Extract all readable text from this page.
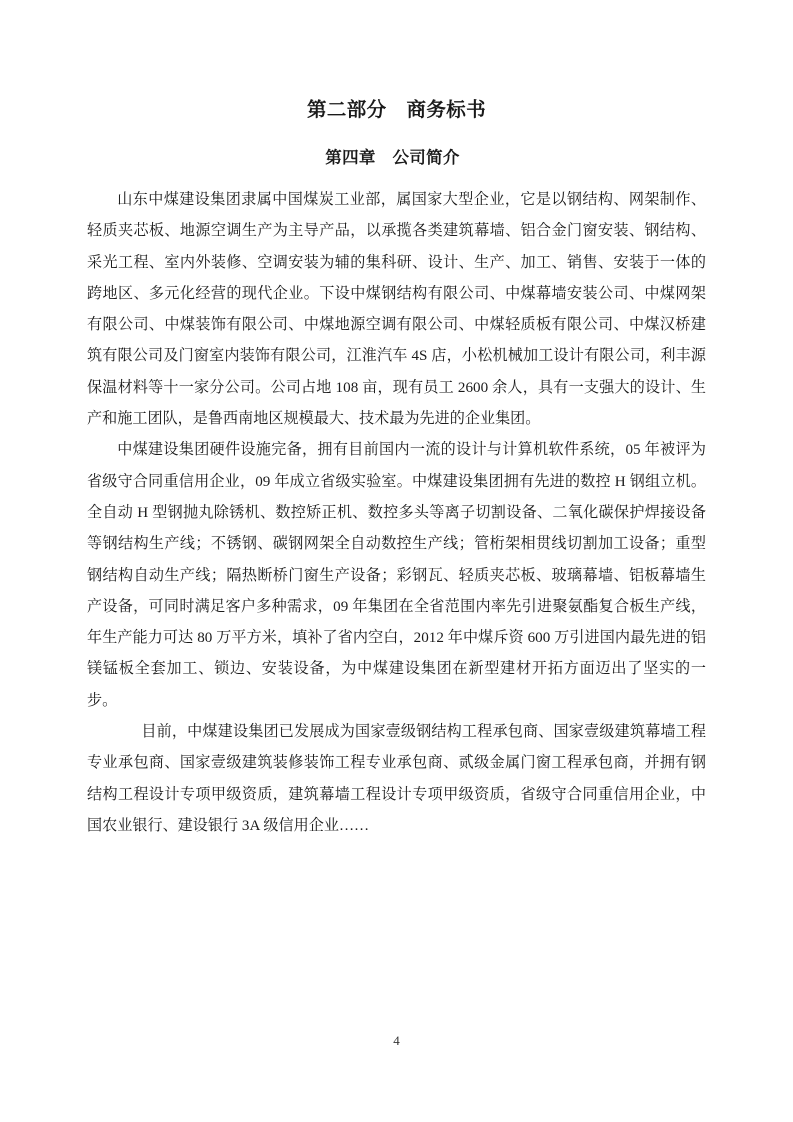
第二部分　商务标书
第四章　公司简介

山东中煤建设集团隶属中国煤炭工业部，属国家大型企业，它是以钢结构、网架制作、轻质夹芯板、地源空调生产为主导产品，以承揽各类建筑幕墙、铝合金门窗安装、钢结构、采光工程、室内外装修、空调安装为辅的集科研、设计、生产、加工、销售、安装于一体的跨地区、多元化经营的现代企业。下设中煤钢结构有限公司、中煤幕墙安装公司、中煤网架有限公司、中煤装饰有限公司、中煤地源空调有限公司、中煤轻质板有限公司、中煤汉桥建筑有限公司及门窗室内装饰有限公司，江淮汽车 4S 店，小松机械加工设计有限公司，利丰源保温材料等十一家分公司。公司占地 108 亩，现有员工 2600 余人，具有一支强大的设计、生产和施工团队，是鲁西南地区规模最大、技术最为先进的企业集团。

中煤建设集团硬件设施完备，拥有目前国内一流的设计与计算机软件系统，05 年被评为省级守合同重信用企业，09 年成立省级实验室。中煤建设集团拥有先进的数控 H 钢组立机。全自动 H 型钢抛丸除锈机、数控矫正机、数控多头等离子切割设备、二氧化碳保护焊接设备等钢结构生产线；不锈钢、碳钢网架全自动数控生产线；管桁架相贯线切割加工设备；重型钢结构自动生产线；隔热断桥门窗生产设备；彩钢瓦、轻质夹芯板、玻璃幕墙、铝板幕墙生产设备，可同时满足客户多种需求，09 年集团在全省范围内率先引进聚氨酯复合板生产线，年生产能力可达 80 万平方米，填补了省内空白，2012 年中煤斥资 600 万引进国内最先进的铝镁锰板全套加工、锁边、安装设备，为中煤建设集团在新型建材开拓方面迈出了坚实的一步。

目前，中煤建设集团已发展成为国家壹级钢结构工程承包商、国家壹级建筑幕墙工程专业承包商、国家壹级建筑装修装饰工程专业承包商、贰级金属门窗工程承包商，并拥有钢结构工程设计专项甲级资质，建筑幕墙工程设计专项甲级资质，省级守合同重信用企业，中国农业银行、建设银行 3A 级信用企业……

4
